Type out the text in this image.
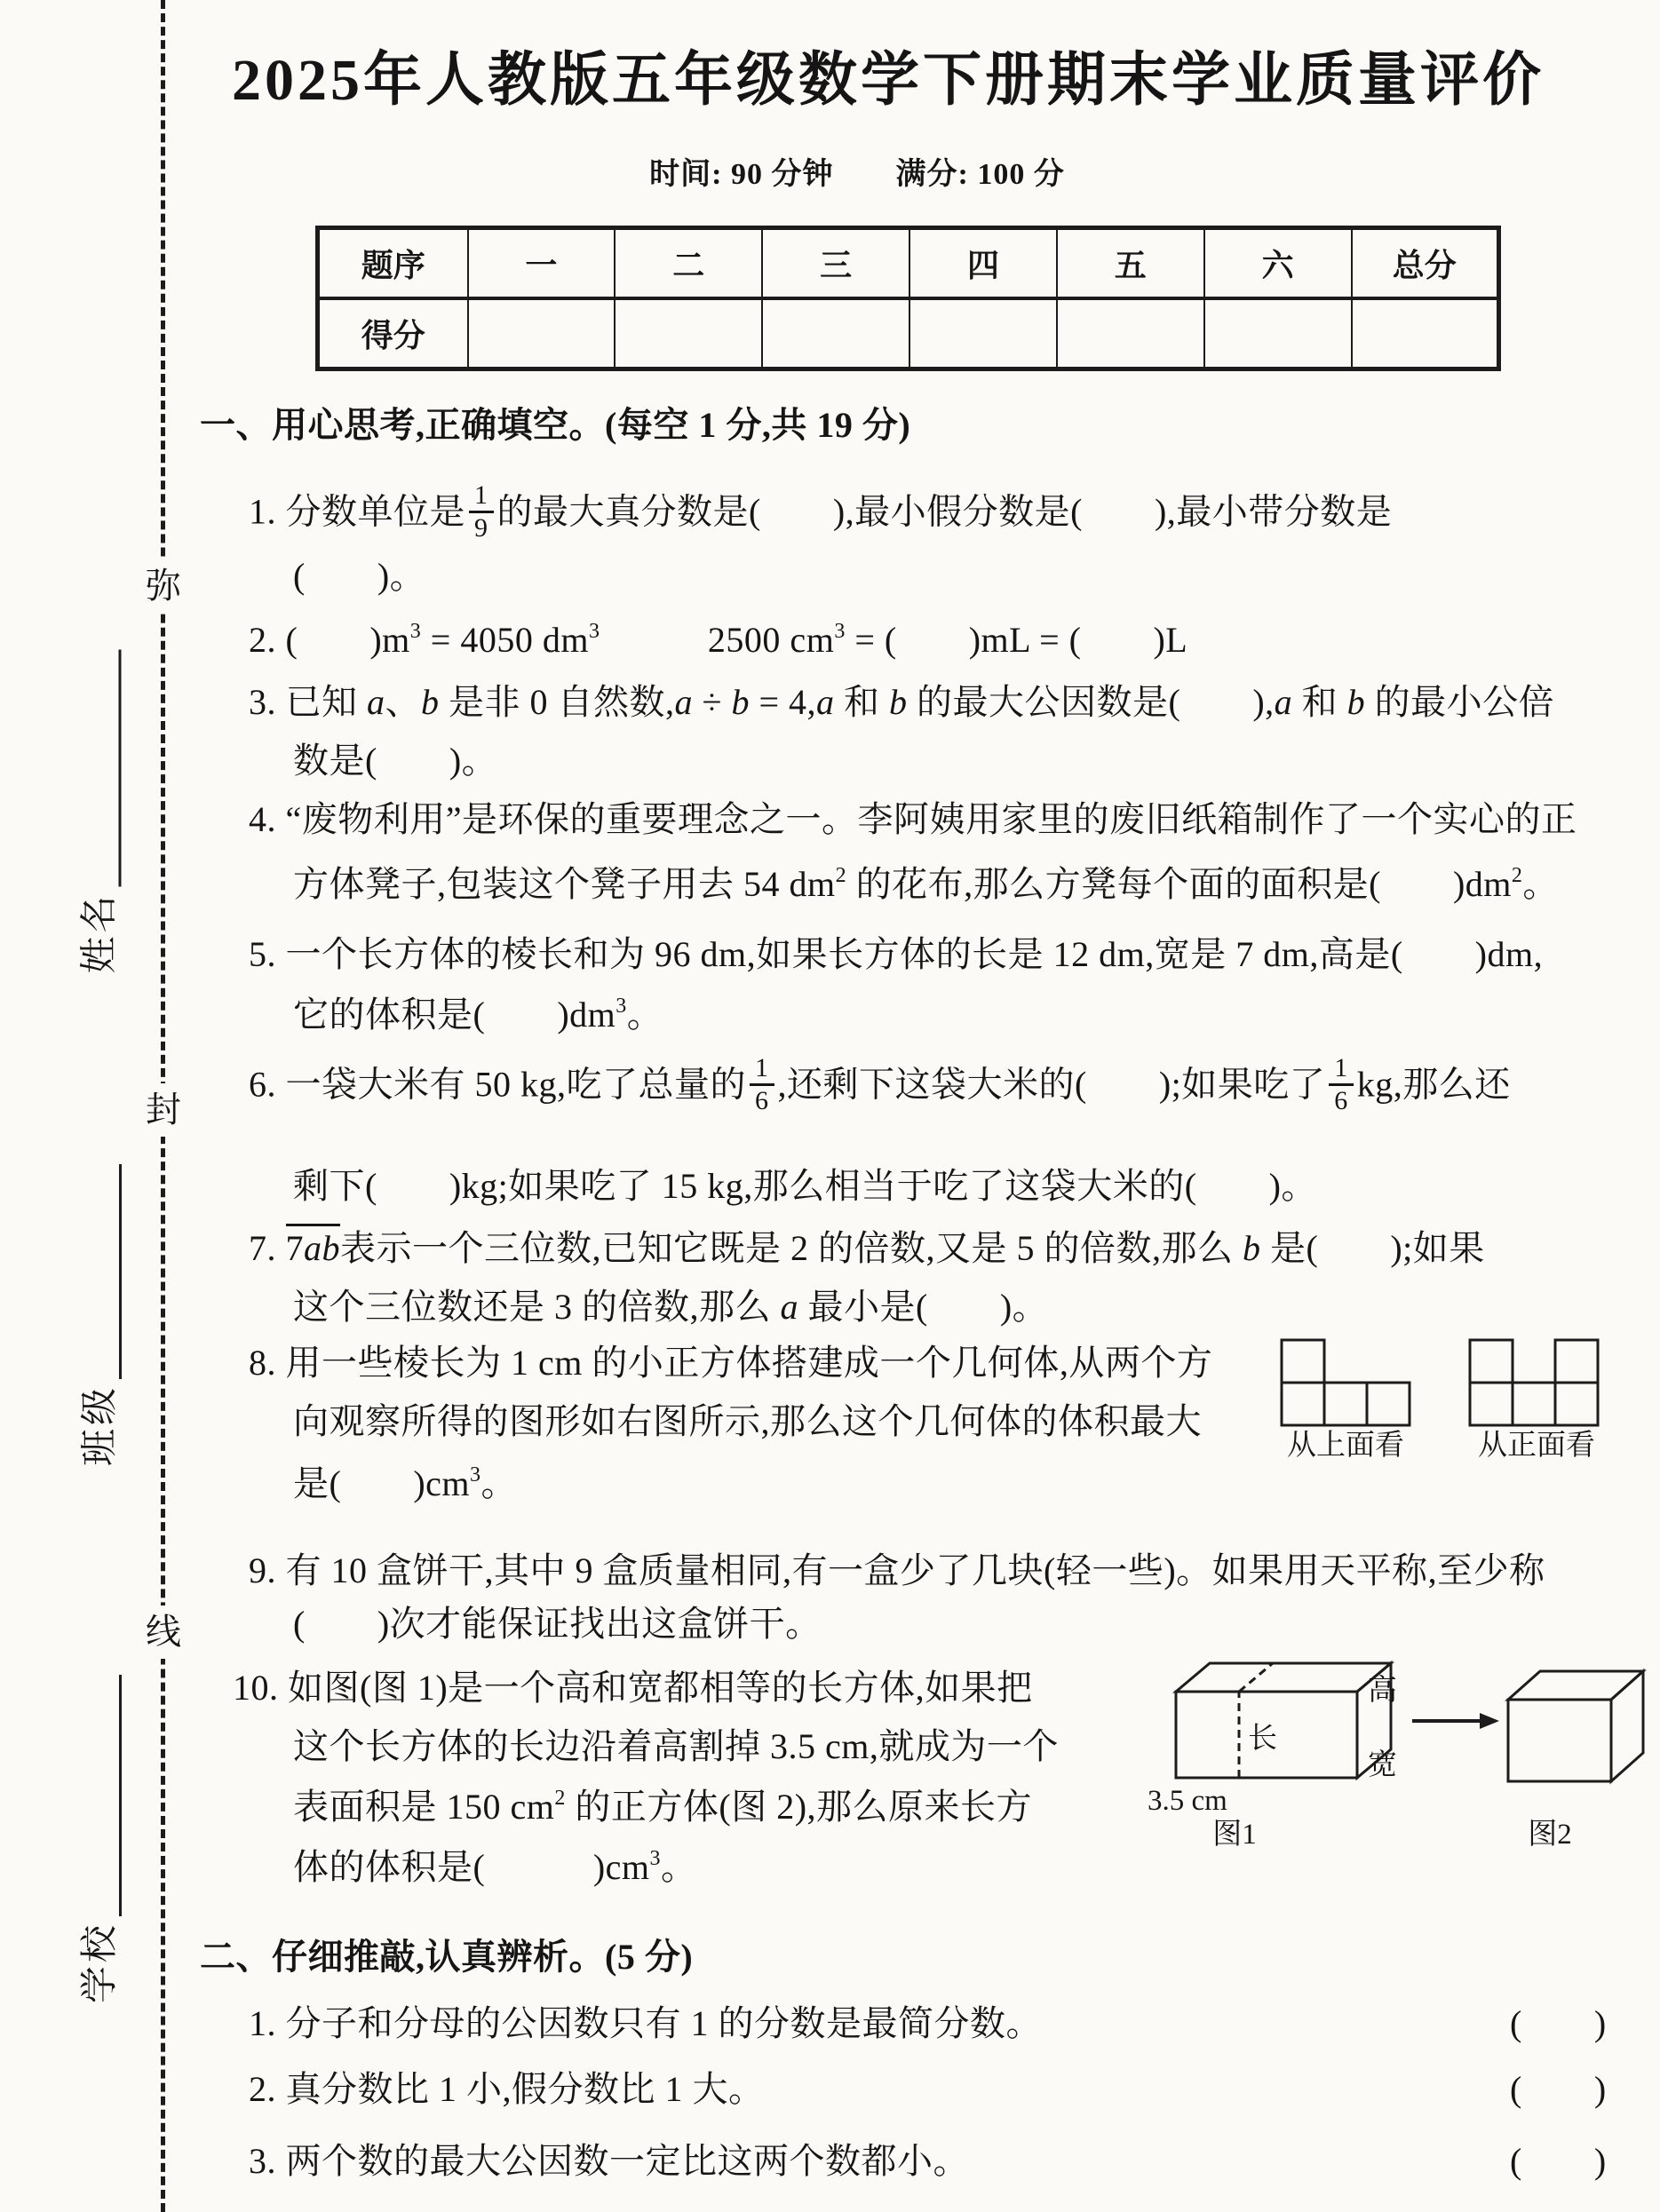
弥
封
线
姓名
班级
学校
2025年人教版五年级数学下册期末学业质量评价
时间: 90 分钟　　满分: 100 分
题序	一	二	三	四	五	六	总分
得分							
一、用心思考,正确填空。(每空 1 分,共 19 分)
1. 分数单位是 $\frac{1}{9}$ 的最大真分数是(　　),最小假分数是(　　),最小带分数是
(　　)。
2. (　　)$m^3 = 4050$ $dm^3$　　　2500 $cm^3$ = (　　)mL = (　　)L
3. 已知 a、b 是非 0 自然数,a ÷ b = 4,a 和 b 的最大公因数是(　　),a 和 b 的最小公倍
数是(　　)。
4. “废物利用”是环保的重要理念之一。李阿姨用家里的废旧纸箱制作了一个实心的正
方体凳子,包装这个凳子用去 54 $dm^2$ 的花布,那么方凳每个面的面积是(　　)$dm^2$。
5. 一个长方体的棱长和为 96 dm,如果长方体的长是 12 dm,宽是 7 dm,高是(　　)dm,
它的体积是(　　)$dm^3$。
6. 一袋大米有 50 kg,吃了总量的 $\frac{1}{6}$ ,还剩下这袋大米的(　　);如果吃了 $\frac{1}{6}$ kg,那么还
剩下(　　)kg;如果吃了 15 kg,那么相当于吃了这袋大米的(　　)。
7. 7ab表示一个三位数,已知它既是 2 的倍数,又是 5 的倍数,那么 b 是(　　);如果
这个三位数还是 3 的倍数,那么 a 最小是(　　)。
8. 用一些棱长为 1 cm 的小正方体搭建成一个几何体,从两个方
向观察所得的图形如右图所示,那么这个几何体的体积最大
是(　　)$cm^3$。
9. 有 10 盒饼干,其中 9 盒质量相同,有一盒少了几块(轻一些)。如果用天平称,至少称
(　　)次才能保证找出这盒饼干。
10. 如图(图 1)是一个高和宽都相等的长方体,如果把
这个长方体的长边沿着高割掉 3.5 cm,就成为一个
表面积是 150 $cm^2$ 的正方体(图 2),那么原来长方
体的体积是(　　　)$cm^3$。
二、仔细推敲,认真辨析。(5 分)
1. 分子和分母的公因数只有 1 的分数是最简分数。	(　　)
2. 真分数比 1 小,假分数比 1 大。	(　　)
3. 两个数的最大公因数一定比这两个数都小。	(　　)
从上面看	从正面看
高
长
宽
3.5 cm
图1	图2
